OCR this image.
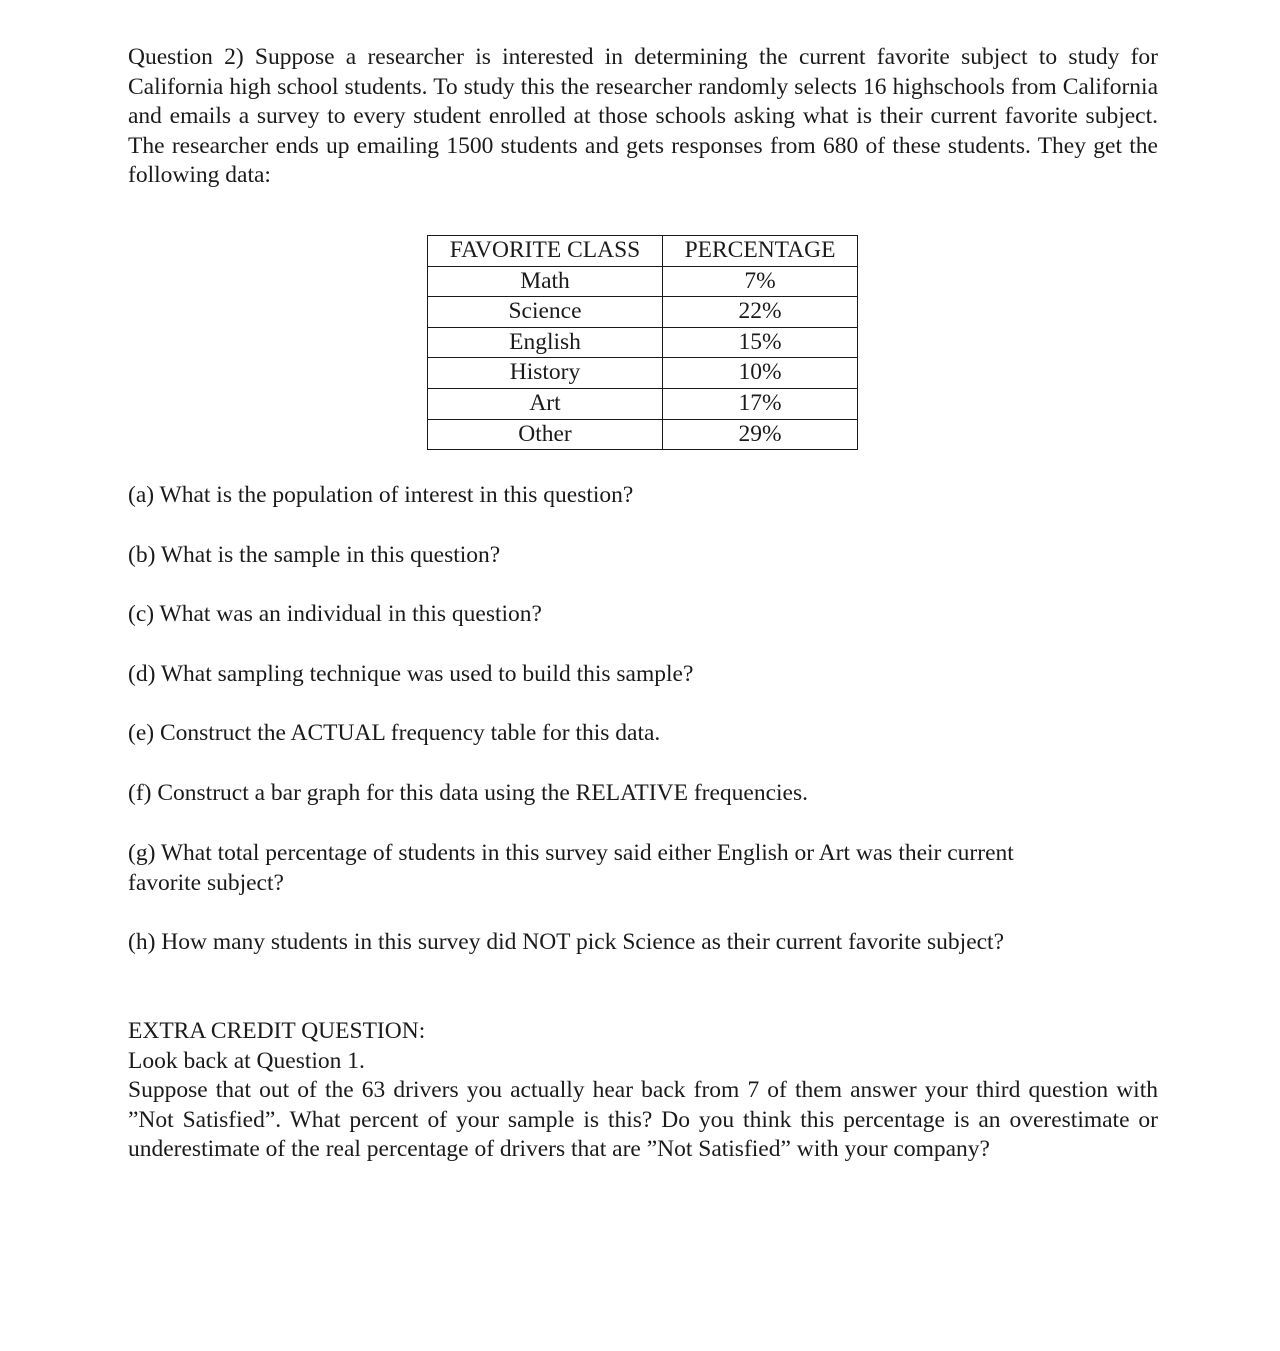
Question 2) Suppose a researcher is interested in determining the current favorite subject to study for California high school students. To study this the researcher randomly selects 16 highschools from California and emails a survey to every student enrolled at those schools asking what is their current favorite subject. The researcher ends up emailing 1500 students and gets responses from 680 of these students. They get the following data:

FAVORITE CLASS	PERCENTAGE
Math	7%
Science	22%
English	15%
History	10%
Art	17%
Other	29%
(a) What is the population of interest in this question?
(b) What is the sample in this question?
(c) What was an individual in this question?
(d) What sampling technique was used to build this sample?
(e) Construct the ACTUAL frequency table for this data.
(f) Construct a bar graph for this data using the RELATIVE frequencies.
(g) What total percentage of students in this survey said either English or Art was their current favorite subject?
(h) How many students in this survey did NOT pick Science as their current favorite subject?

EXTRA CREDIT QUESTION:

Look back at Question 1.

Suppose that out of the 63 drivers you actually hear back from 7 of them answer your third question with ”Not Satisfied”. What percent of your sample is this? Do you think this percentage is an overestimate or underestimate of the real percentage of drivers that are ”Not Satisfied” with your company?
